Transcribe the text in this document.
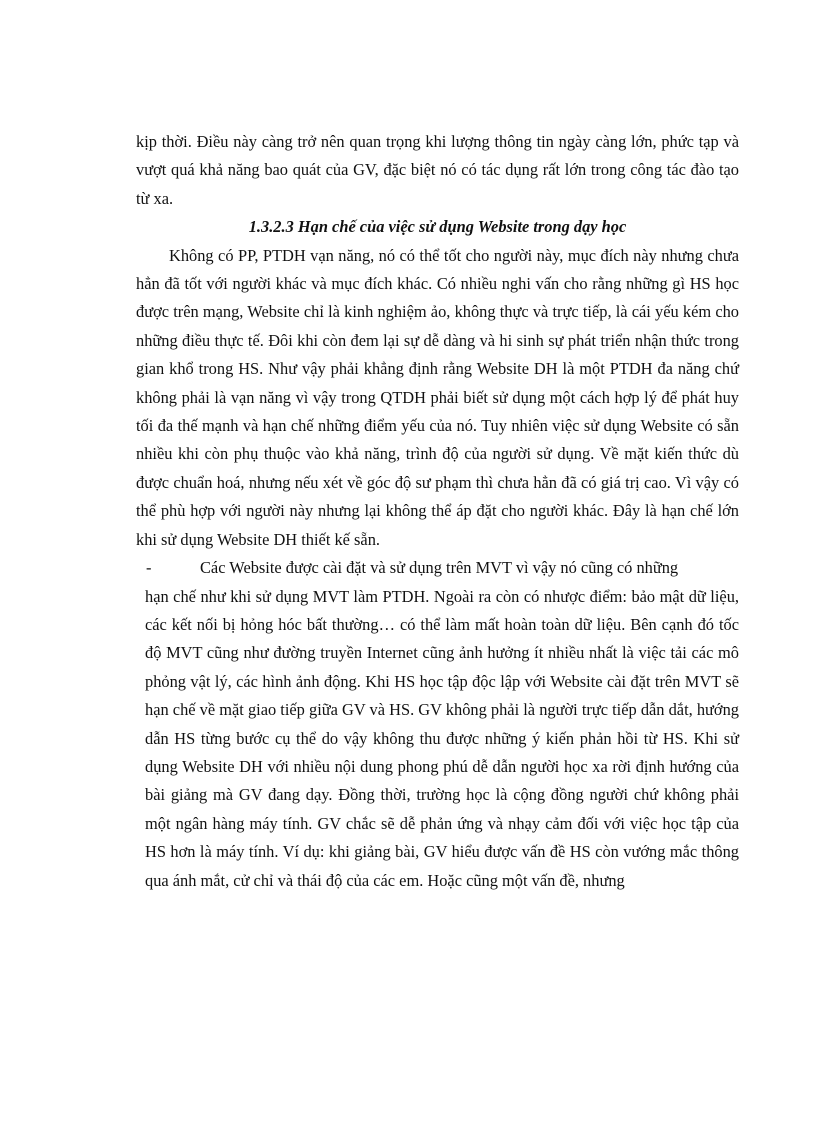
kịp thời. Điều này càng trở nên quan trọng khi lượng thông tin ngày càng lớn, phức tạp và vượt quá khả năng bao quát của GV, đặc biệt nó có tác dụng rất lớn trong công tác đào tạo từ xa.

1.3.2.3 Hạn chế của việc sử dụng Website trong dạy học

Không có PP, PTDH vạn năng, nó có thể tốt cho người này, mục đích này nhưng chưa hẳn đã tốt với người khác và mục đích khác. Có nhiều nghi vấn cho rằng những gì HS học được trên mạng, Website chỉ là kinh nghiệm ảo, không thực và trực tiếp, là cái yếu kém cho những điều thực tế. Đôi khi còn đem lại sự dễ dàng và hi sinh sự phát triển nhận thức trong gian khổ trong HS. Như vậy phải khẳng định rằng Website DH là một PTDH đa năng chứ không phải là vạn năng vì vậy trong QTDH phải biết sử dụng một cách hợp lý để phát huy tối đa thế mạnh và hạn chế những điểm yếu của nó. Tuy nhiên việc sử dụng Website có sẵn nhiều khi còn phụ thuộc vào khả năng, trình độ của người sử dụng. Về mặt kiến thức dù được chuẩn hoá, nhưng nếu xét về góc độ sư phạm thì chưa hẳn đã có giá trị cao. Vì vậy có thể phù hợp với người này nhưng lại không thể áp đặt cho người khác. Đây là hạn chế lớn khi sử dụng Website DH thiết kế sẵn.

-	Các Website được cài đặt và sử dụng trên MVT vì vậy nó cũng có những

hạn chế như khi sử dụng MVT làm PTDH. Ngoài ra còn có nhược điểm: bảo mật dữ liệu, các kết nối bị hỏng hóc bất thường… có thể làm mất hoàn toàn dữ liệu. Bên cạnh đó tốc độ MVT cũng như đường truyền Internet cũng ảnh hưởng ít nhiều nhất là việc tải các mô phỏng vật lý, các hình ảnh động. Khi HS học tập độc lập với Website cài đặt trên MVT sẽ hạn chế về mặt giao tiếp giữa GV và HS. GV không phải là người trực tiếp dẫn dắt, hướng dẫn HS từng bước cụ thể do vậy không thu được những ý kiến phản hồi từ HS. Khi sử dụng Website DH với nhiều nội dung phong phú dễ dẫn người học xa rời định hướng của bài giảng mà GV đang dạy. Đồng thời, trường học là cộng đồng người chứ không phải một ngân hàng máy tính. GV chắc sẽ dễ phản ứng và nhạy cảm đối với việc học tập của HS hơn là máy tính. Ví dụ: khi giảng bài, GV hiểu được vấn đề HS còn vướng mắc thông qua ánh mắt, cử chỉ và thái độ của các em. Hoặc cũng một vấn đề, nhưng
